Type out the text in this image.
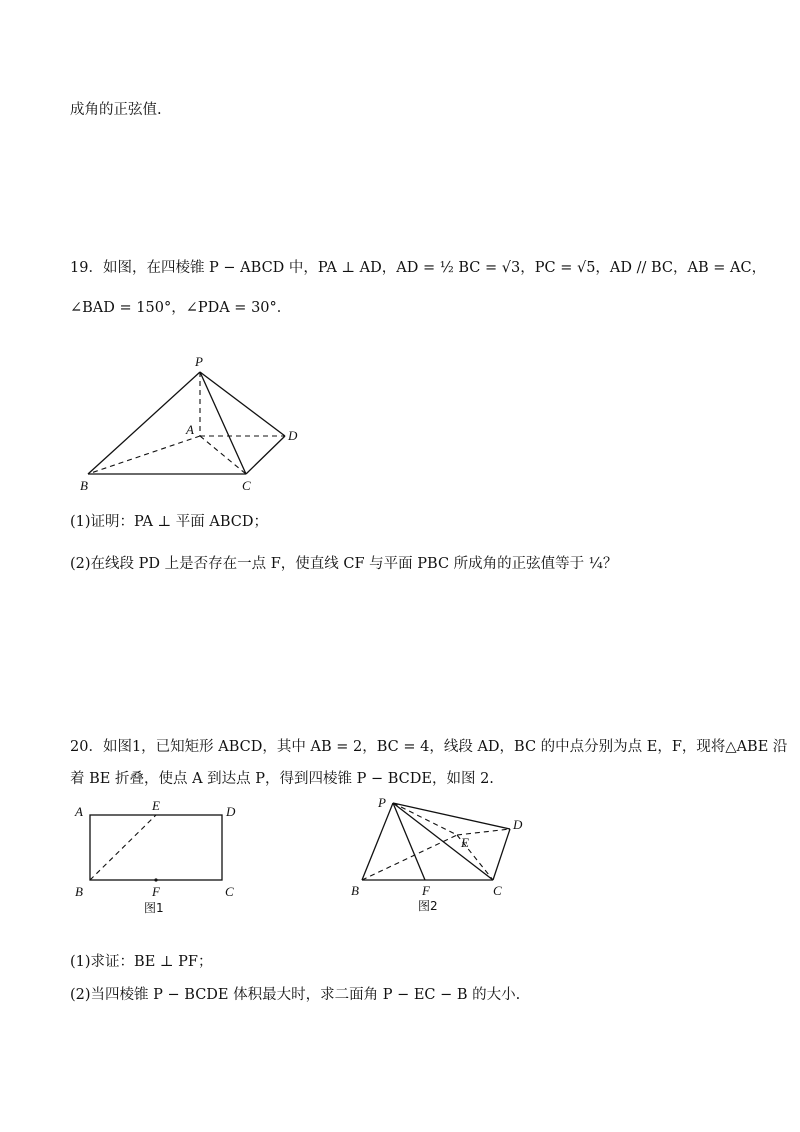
成角的正弦值.
19．如图，在四棱锥 P − ABCD 中，PA ⊥ AD，AD = ½ BC = √3，PC = √5，AD // BC，AB = AC，
∠BAD = 150°，∠PDA = 30°．
P
A	D
B	C
(1)证明：PA ⊥ 平面 ABCD；
(2)在线段 PD 上是否存在一点 F，使直线 CF 与平面 PBC 所成角的正弦值等于 ¼？
20．如图1，已知矩形 ABCD，其中 AB = 2，BC = 4，线段 AD，BC 的中点分别为点 E，F，现将△ABE 沿
着 BE 折叠，使点 A 到达点 P，得到四棱锥 P − BCDE，如图 2.
A	E	D
B	F	C
图1
P
D
E
B	F	C
图2
(1)求证：BE ⊥ PF；
(2)当四棱锥 P − BCDE 体积最大时，求二面角 P − EC − B 的大小.
